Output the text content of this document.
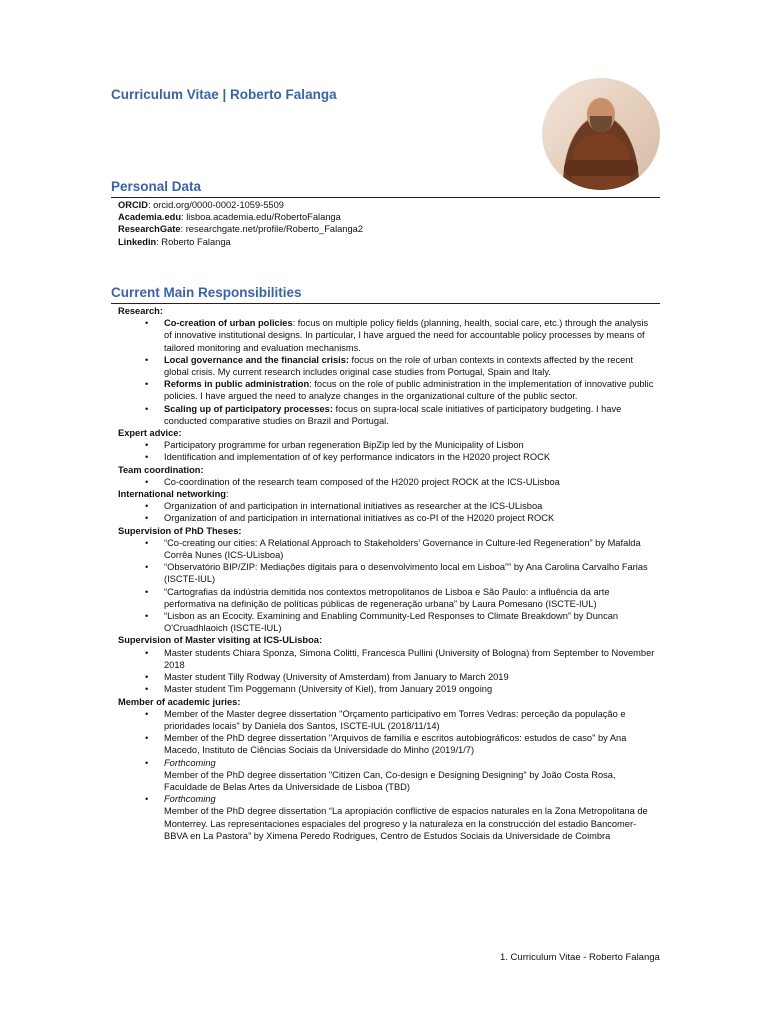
Curriculum Vitae | Roberto Falanga
Personal Data
ORCID: orcid.org/0000-0002-1059-5509
Academia.edu: lisboa.academia.edu/RobertoFalanga
ResearchGate: researchgate.net/profile/Roberto_Falanga2
Linkedin: Roberto Falanga
Current Main Responsibilities
Research:
• Co-creation of urban policies: focus on multiple policy fields (planning, health, social care, etc.) through the analysis of innovative institutional designs. In particular, I have argued the need for accountable policy processes by means of tailored monitoring and evaluation mechanisms.
• Local governance and the financial crisis: focus on the role of urban contexts in contexts affected by the recent global crisis. My current research includes original case studies from Portugal, Spain and Italy.
• Reforms in public administration: focus on the role of public administration in the implementation of innovative public policies. I have argued the need to analyze changes in the organizational culture of the public sector.
• Scaling up of participatory processes: focus on supra-local scale initiatives of participatory budgeting. I have conducted comparative studies on Brazil and Portugal.
Expert advice:
• Participatory programme for urban regeneration BipZip led by the Municipality of Lisbon
• Identification and implementation of of key performance indicators in the H2020 project ROCK
Team coordination:
• Co-coordination of the research team composed of the H2020 project ROCK at the ICS-ULisboa
International networking:
• Organization of and participation in international initiatives as researcher at the ICS-ULisboa
• Organization of and participation in international initiatives as co-PI of the H2020 project ROCK
Supervision of PhD Theses:
• “Co-creating our cities: A Relational Approach to Stakeholders’ Governance in Culture-led Regeneration” by Mafalda Corrêa Nunes (ICS-ULisboa)
• “Observatório BIP/ZIP: Mediações digitais para o desenvolvimento local em Lisboa”” by Ana Carolina Carvalho Farias (ISCTE-IUL)
• “Cartografias da indústria demitida nos contextos metropolitanos de Lisboa e São Paulo: a influência da arte performativa na definição de políticas públicas de regeneração urbana” by Laura Pomesano (ISCTE-IUL)
• “Lisbon as an Ecocity. Examining and Enabling Community-Led Responses to Climate Breakdown” by Duncan O'Cruadhlaoich (ISCTE-IUL)
Supervision of Master visiting at ICS-ULisboa:
• Master students Chiara Sponza, Simona Colitti, Francesca Pullini (University of Bologna) from September to November 2018
• Master student Tilly Rodway (University of Amsterdam) from January to March 2019
• Master student Tim Poggemann (University of Kiel), from January 2019 ongoing
Member of academic juries:
• Member of the Master degree dissertation "Orçamento participativo em Torres Vedras: perceção da população e prioridades locais" by Daniela dos Santos, ISCTE-IUL (2018/11/14)
• Member of the PhD degree dissertation "Arquivos de família e escritos autobiográficos: estudos de caso" by Ana Macedo, Instituto de Ciências Sociais da Universidade do Minho (2019/1/7)
• Forthcoming
Member of the PhD degree dissertation "Citizen Can, Co-design e Designing Designing" by João Costa Rosa, Faculdade de Belas Artes da Universidade de Lisboa (TBD)
• Forthcoming
Member of the PhD degree dissertation “La apropiación conflictive de espacios naturales en la Zona Metropolitana de Monterrey. Las representaciones espaciales del progreso y la naturaleza en la construcción del estadio Bancomer-BBVA en La Pastora” by Ximena Peredo Rodrigues, Centro de Estudos Sociais da Universidade de Coimbra
1. Curriculum Vitae - Roberto Falanga
